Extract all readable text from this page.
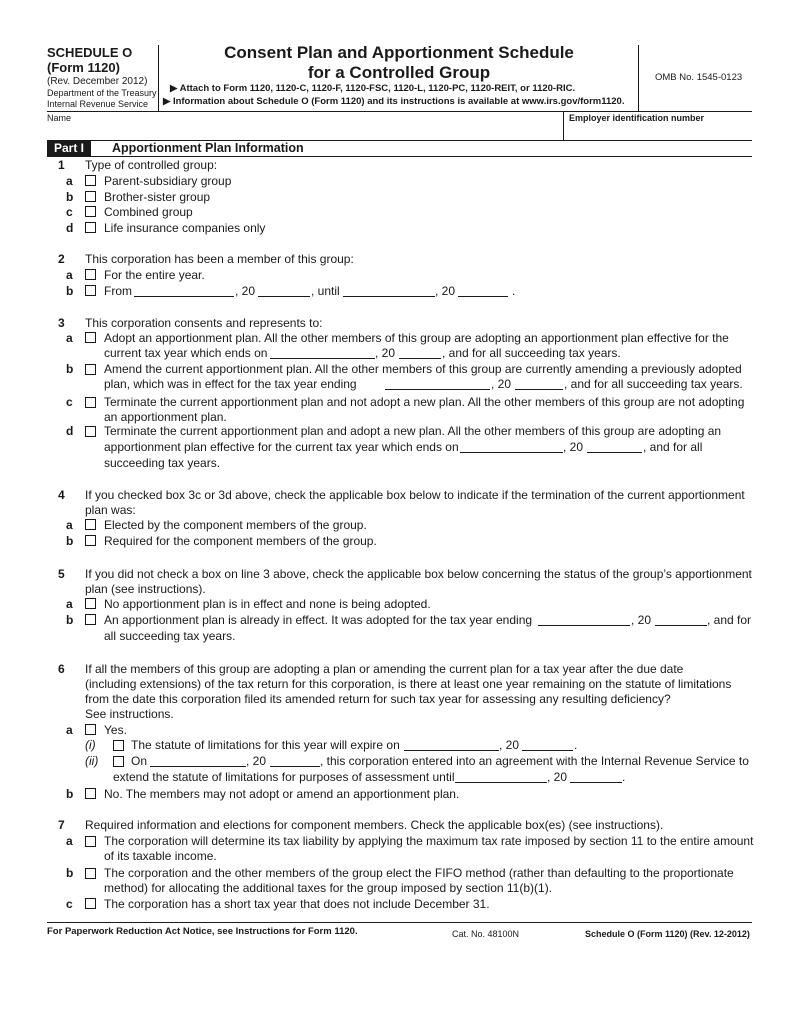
SCHEDULE O
(Form 1120)
(Rev. December 2012)
Department of the Treasury
Internal Revenue Service
Consent Plan and Apportionment Schedule
for a Controlled Group
▶ Attach to Form 1120, 1120-C, 1120-F, 1120-FSC, 1120-L, 1120-PC, 1120-REIT, or 1120-RIC.
▶ Information about Schedule O (Form 1120) and its instructions is available at www.irs.gov/form1120.
OMB No. 1545-0123
Name	Employer identification number
Part I	Apportionment Plan Information
1 Type of controlled group:
a	Parent-subsidiary group
b	Brother-sister group
c	Combined group
d	Life insurance companies only
2 This corporation has been a member of this group:
a	For the entire year.
b	From	, 20	, until	, 20	.
3 This corporation consents and represents to:
a	Adopt an apportionment plan. All the other members of this group are adopting an apportionment plan effective for the
current tax year which ends on	, 20	, and for all succeeding tax years.
b	Amend the current apportionment plan. All the other members of this group are currently amending a previously adopted
plan, which was in effect for the tax year ending	, 20	, and for all succeeding tax years.
c	Terminate the current apportionment plan and not adopt a new plan. All the other members of this group are not adopting
an apportionment plan.
d	Terminate the current apportionment plan and adopt a new plan. All the other members of this group are adopting an
apportionment plan effective for the current tax year which ends on	, 20	, and for all
succeeding tax years.
4 If you checked box 3c or 3d above, check the applicable box below to indicate if the termination of the current apportionment
plan was:
a	Elected by the component members of the group.
b	Required for the component members of the group.
5 If you did not check a box on line 3 above, check the applicable box below concerning the status of the group’s apportionment
plan (see instructions).
a	No apportionment plan is in effect and none is being adopted.
b	An apportionment plan is already in effect. It was adopted for the tax year ending	, 20	, and for
all succeeding tax years.
6 If all the members of this group are adopting a plan or amending the current plan for a tax year after the due date
(including extensions) of the tax return for this corporation, is there at least one year remaining on the statute of limitations
from the date this corporation filed its amended return for such tax year for assessing any resulting deficiency?
See instructions.
a	Yes.
(i)	The statute of limitations for this year will expire on	, 20	.
(ii)	On	, 20	, this corporation entered into an agreement with the Internal Revenue Service to
extend the statute of limitations for purposes of assessment until	, 20	.
b	No. The members may not adopt or amend an apportionment plan.
7 Required information and elections for component members. Check the applicable box(es) (see instructions).
a	The corporation will determine its tax liability by applying the maximum tax rate imposed by section 11 to the entire amount
of its taxable income.
b	The corporation and the other members of the group elect the FIFO method (rather than defaulting to the proportionate
method) for allocating the additional taxes for the group imposed by section 11(b)(1).
c	The corporation has a short tax year that does not include December 31.
For Paperwork Reduction Act Notice, see Instructions for Form 1120.	Cat. No. 48100N	Schedule O (Form 1120) (Rev. 12-2012)
